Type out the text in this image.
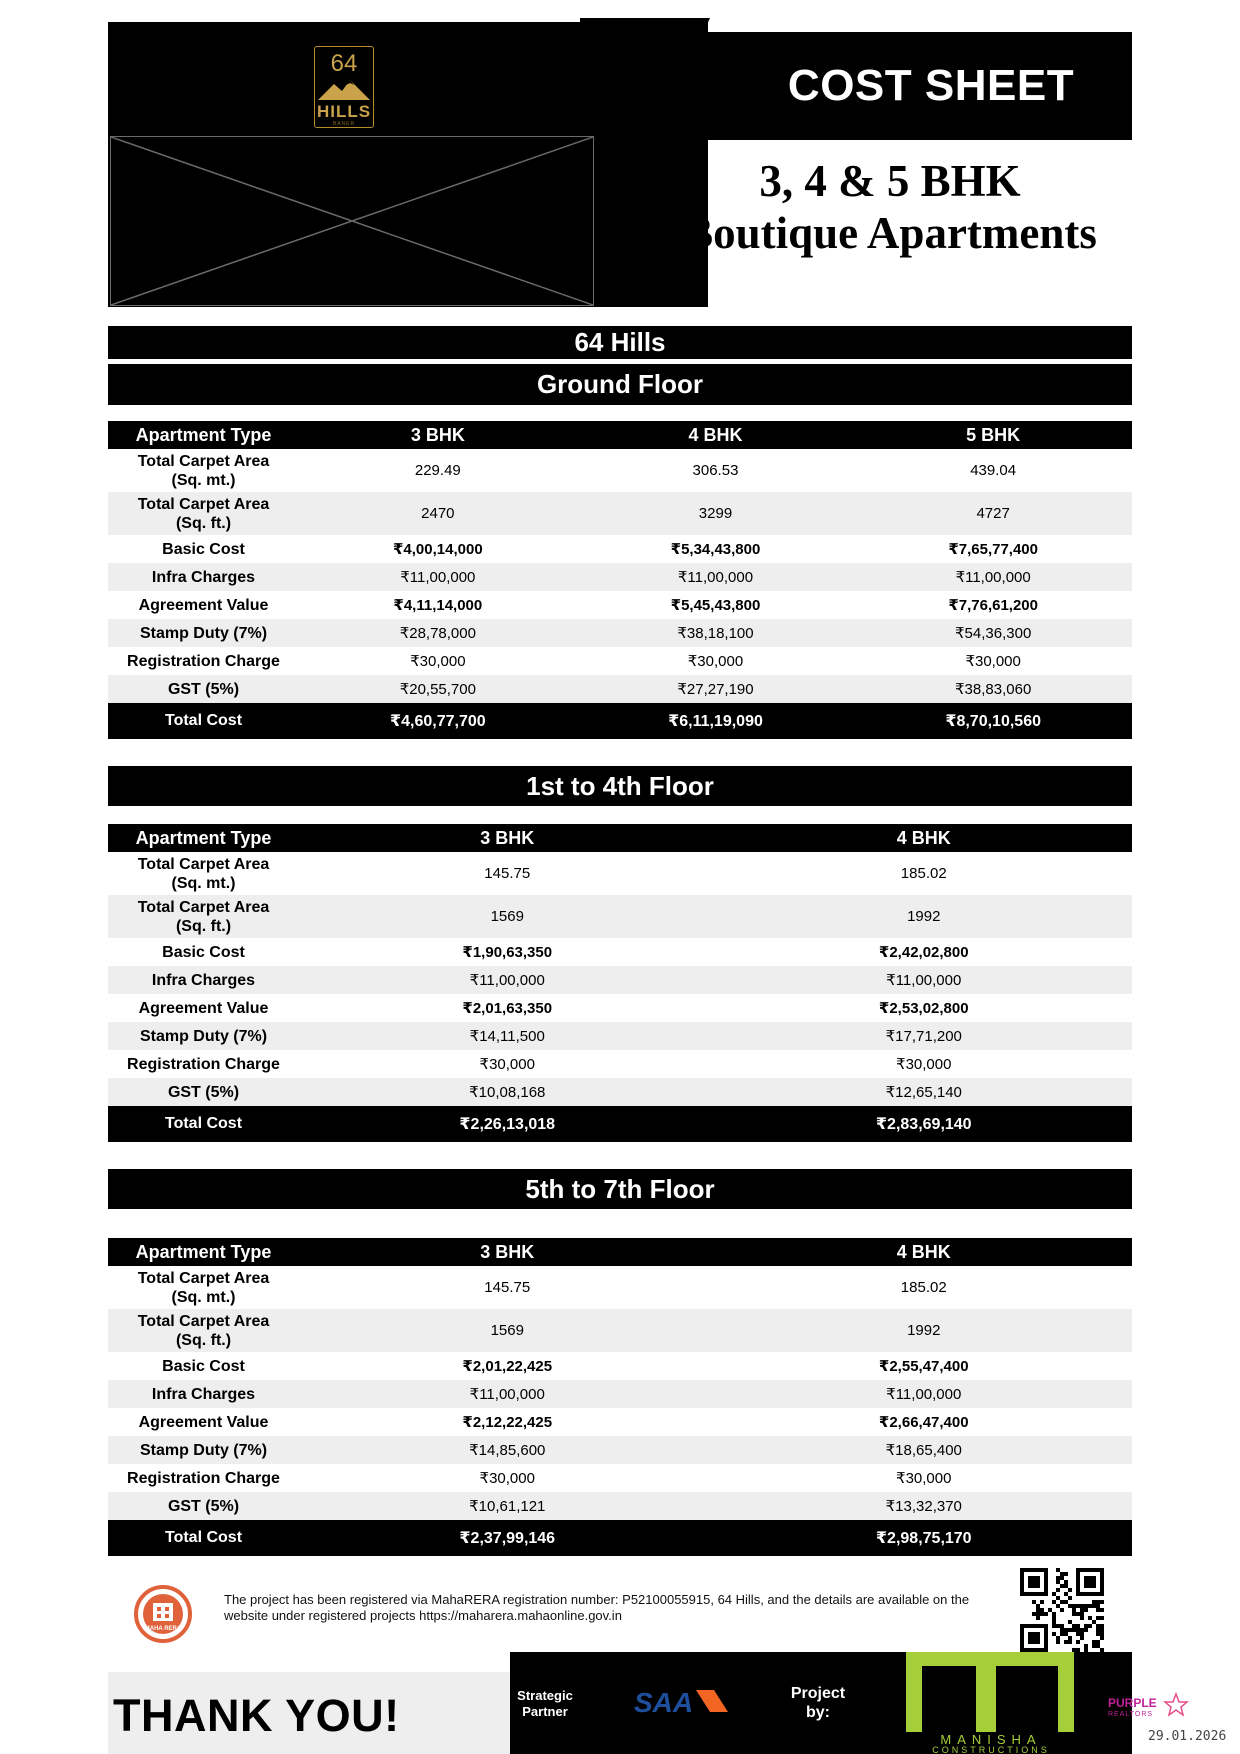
64
HILLS
BANER
COST SHEET
3, 4 & 5 BHK
Boutique Apartments
64 Hills
Ground Floor
1st to 4th Floor
5th to 7th Floor
Apartment Type	3 BHK	4 BHK	5 BHK

Total Carpet Area
(Sq. mt.)	229.49	306.53	439.04

Total Carpet Area
(Sq. ft.)	2470	3299	4727

Basic Cost	₹4,00,14,000	₹5,34,43,800	₹7,65,77,400

Infra Charges	₹11,00,000	₹11,00,000	₹11,00,000

Agreement Value	₹4,11,14,000	₹5,45,43,800	₹7,76,61,200

Stamp Duty (7%)	₹28,78,000	₹38,18,100	₹54,36,300

Registration Charge	₹30,000	₹30,000	₹30,000

GST (5%)	₹20,55,700	₹27,27,190	₹38,83,060
Total Cost	₹4,60,77,700	₹6,11,19,090	₹8,70,10,560
Apartment Type	3 BHK	4 BHK

Total Carpet Area
(Sq. mt.)	145.75	185.02

Total Carpet Area
(Sq. ft.)	1569	1992

Basic Cost	₹1,90,63,350	₹2,42,02,800

Infra Charges	₹11,00,000	₹11,00,000

Agreement Value	₹2,01,63,350	₹2,53,02,800

Stamp Duty (7%)	₹14,11,500	₹17,71,200

Registration Charge	₹30,000	₹30,000

GST (5%)	₹10,08,168	₹12,65,140
Total Cost	₹2,26,13,018	₹2,83,69,140
Apartment Type	3 BHK	4 BHK

Total Carpet Area
(Sq. mt.)	145.75	185.02

Total Carpet Area
(Sq. ft.)	1569	1992

Basic Cost	₹2,01,22,425	₹2,55,47,400

Infra Charges	₹11,00,000	₹11,00,000

Agreement Value	₹2,12,22,425	₹2,66,47,400

Stamp Duty (7%)	₹14,85,600	₹18,65,400

Registration Charge	₹30,000	₹30,000

GST (5%)	₹10,61,121	₹13,32,370
Total Cost	₹2,37,99,146	₹2,98,75,170
MAHA RERA
The project has been registered via MahaRERA registration number: P52100055915, 64 Hills, and the details are available on the
website under registered projects https://maharera.mahaonline.gov.in
THANK YOU!	Strategic Partner	SAA	Project by:
MANISHA
CONSTRUCTIONS
PURPLE
REALTORS
29.01.2026
